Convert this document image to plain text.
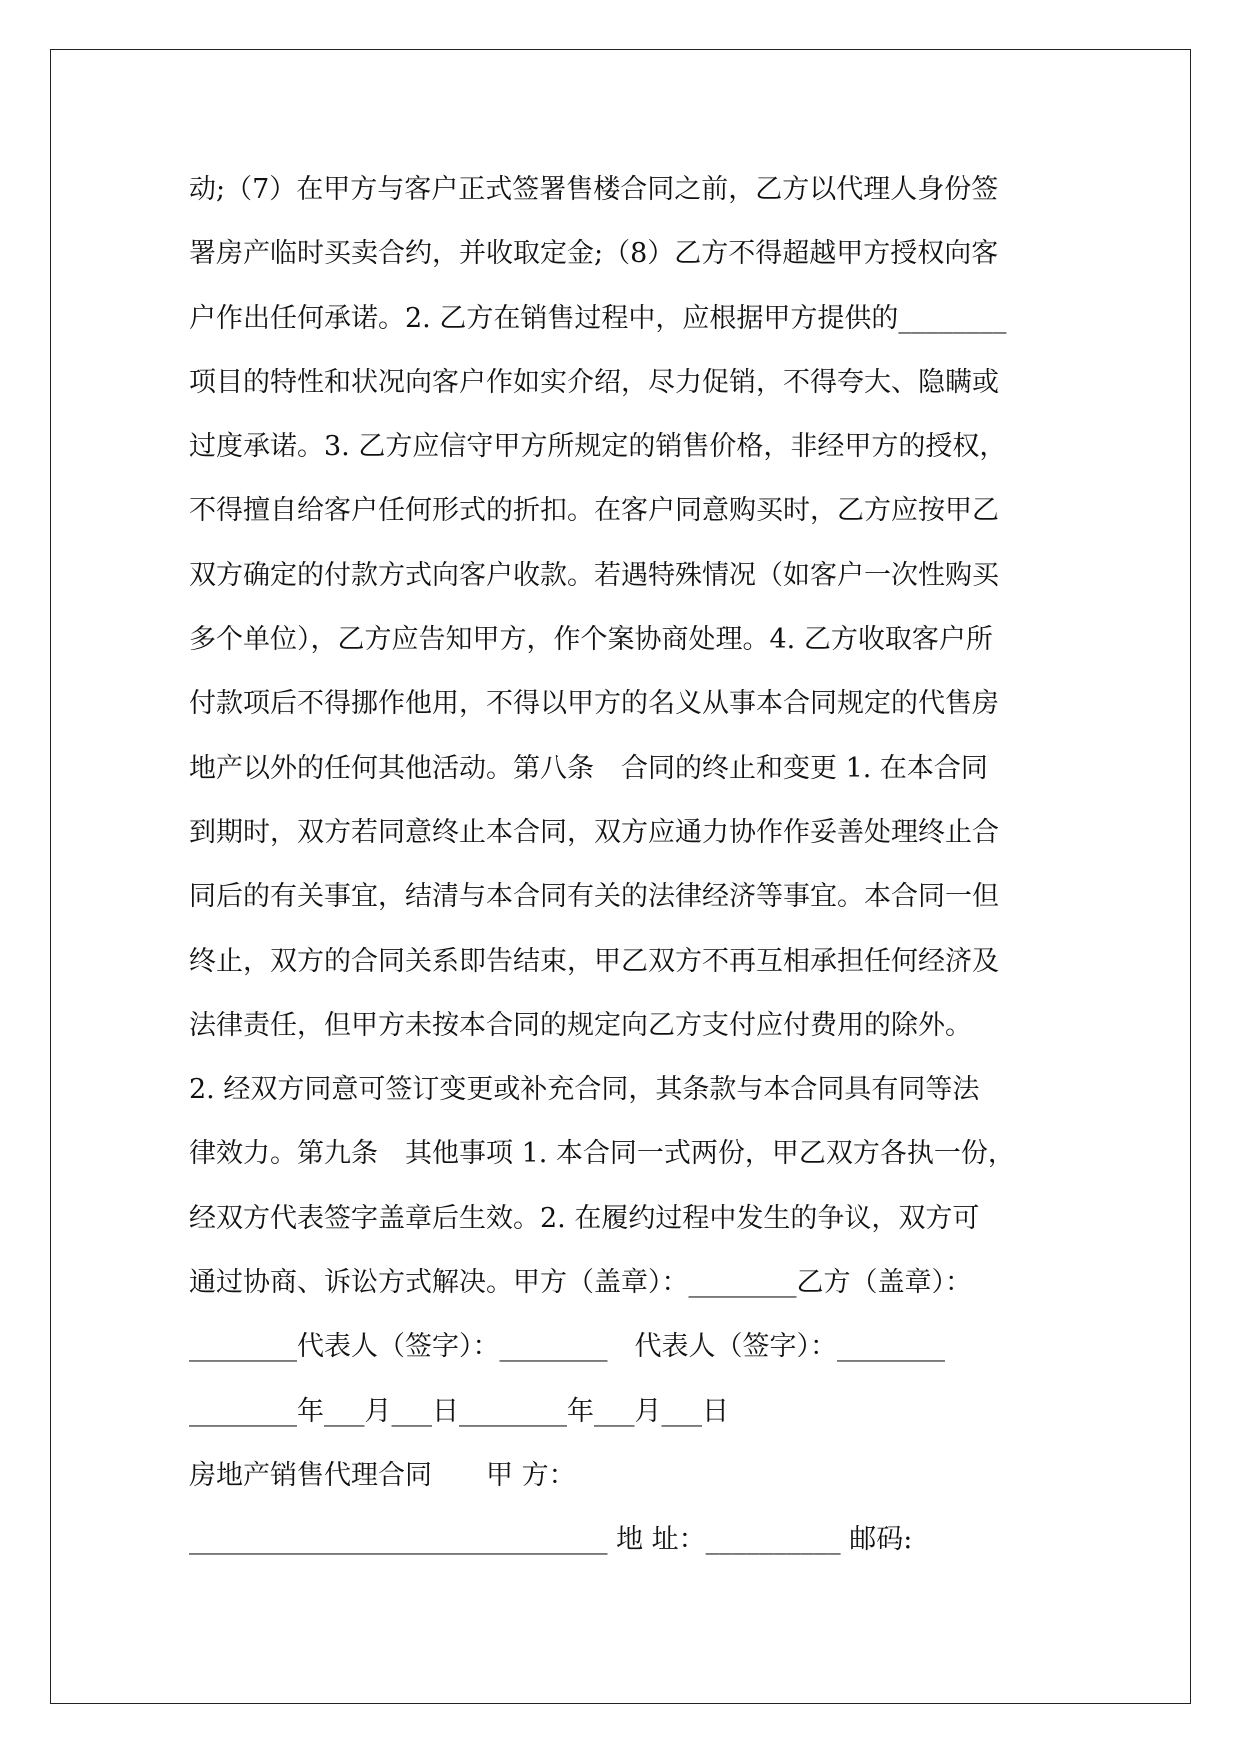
动;（7）在甲方与客户正式签署售楼合同之前，乙方以代理人身份签
署房产临时买卖合约，并收取定金;（8）乙方不得超越甲方授权向客
户作出任何承诺。2. 乙方在销售过程中，应根据甲方提供的________
项目的特性和状况向客户作如实介绍，尽力促销，不得夸大、隐瞒或
过度承诺。3. 乙方应信守甲方所规定的销售价格，非经甲方的授权，
不得擅自给客户任何形式的折扣。在客户同意购买时，乙方应按甲乙
双方确定的付款方式向客户收款。若遇特殊情况（如客户一次性购买
多个单位），乙方应告知甲方，作个案协商处理。4. 乙方收取客户所
付款项后不得挪作他用，不得以甲方的名义从事本合同规定的代售房
地产以外的任何其他活动。第八条　合同的终止和变更 1. 在本合同
到期时，双方若同意终止本合同，双方应通力协作作妥善处理终止合
同后的有关事宜，结清与本合同有关的法律经济等事宜。本合同一但
终止，双方的合同关系即告结束，甲乙双方不再互相承担任何经济及
法律责任，但甲方未按本合同的规定向乙方支付应付费用的除外。
2. 经双方同意可签订变更或补充合同，其条款与本合同具有同等法
律效力。第九条　其他事项 1. 本合同一式两份，甲乙双方各执一份，
经双方代表签字盖章后生效。2. 在履约过程中发生的争议，双方可
通过协商、诉讼方式解决。甲方（盖章）：________乙方（盖章）：
________代表人（签字）：________　代表人（签字）：________
________年___月___日________年___月___日
房地产销售代理合同　　甲 方：
_______________________________ 地 址：__________ 邮码:
